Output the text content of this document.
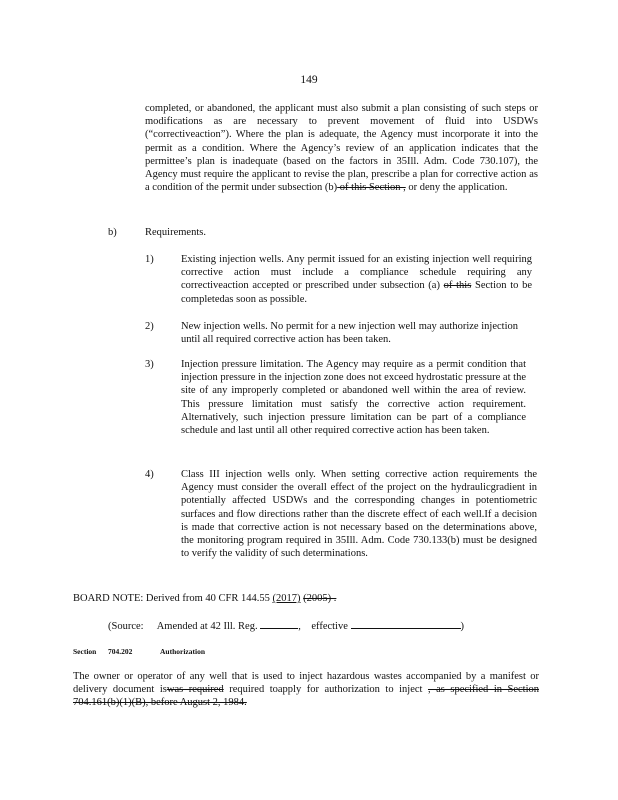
149
completed, or abandoned, the applicant must also submit a plan consisting of such steps or modifications as are necessary to prevent movement of fluid into USDWs (“correctiveaction”). Where the plan is adequate, the Agency must incorporate it into the permit as a condition. Where the Agency’s review of an application indicates that the permittee’s plan is inadequate (based on the factors in 35Ill. Adm. Code 730.107), the Agency must require the applicant to revise the plan, prescribe a plan for corrective action as a condition of the permit under subsection (b) of this Section , or deny the application.
b)	Requirements.
1)	Existing injection wells. Any permit issued for an existing injection well requiring corrective action must include a compliance schedule requiring any correctiveaction accepted or prescribed under subsection (a) of this Section to be completedas soon as possible.
2)	New injection wells. No permit for a new injection well may authorize injection until all required corrective action has been taken.
3)	Injection pressure limitation. The Agency may require as a permit condition that injection pressure in the injection zone does not exceed hydrostatic pressure at the site of any improperly completed or abandoned well within the area of review. This pressure limitation must satisfy the corrective action requirement. Alternatively, such injection pressure limitation can be part of a compliance schedule and last until all other required corrective action has been taken.
4)	Class III injection wells only. When setting corrective action requirements the Agency must consider the overall effect of the project on the hydraulicgradient in potentially affected USDWs and the corresponding changes in potentiometric surfaces and flow directions rather than the discrete effect of each well.If a decision is made that corrective action is not necessary based on the determinations above, the monitoring program required in 35Ill. Adm. Code 730.133(b) must be designed to verify the validity of such determinations.
BOARD NOTE: Derived from 40 CFR 144.55 (2017) (2005) .
(Source: Amended at 42 Ill. Reg.	, effective	)
Section 704.202	Authorization
The owner or operator of any well that is used to inject hazardous wastes accompanied by a manifest or delivery document iswas required required toapply for authorization to inject , as specified in Section 704.161(b)(1)(B), before August 2, 1984.
